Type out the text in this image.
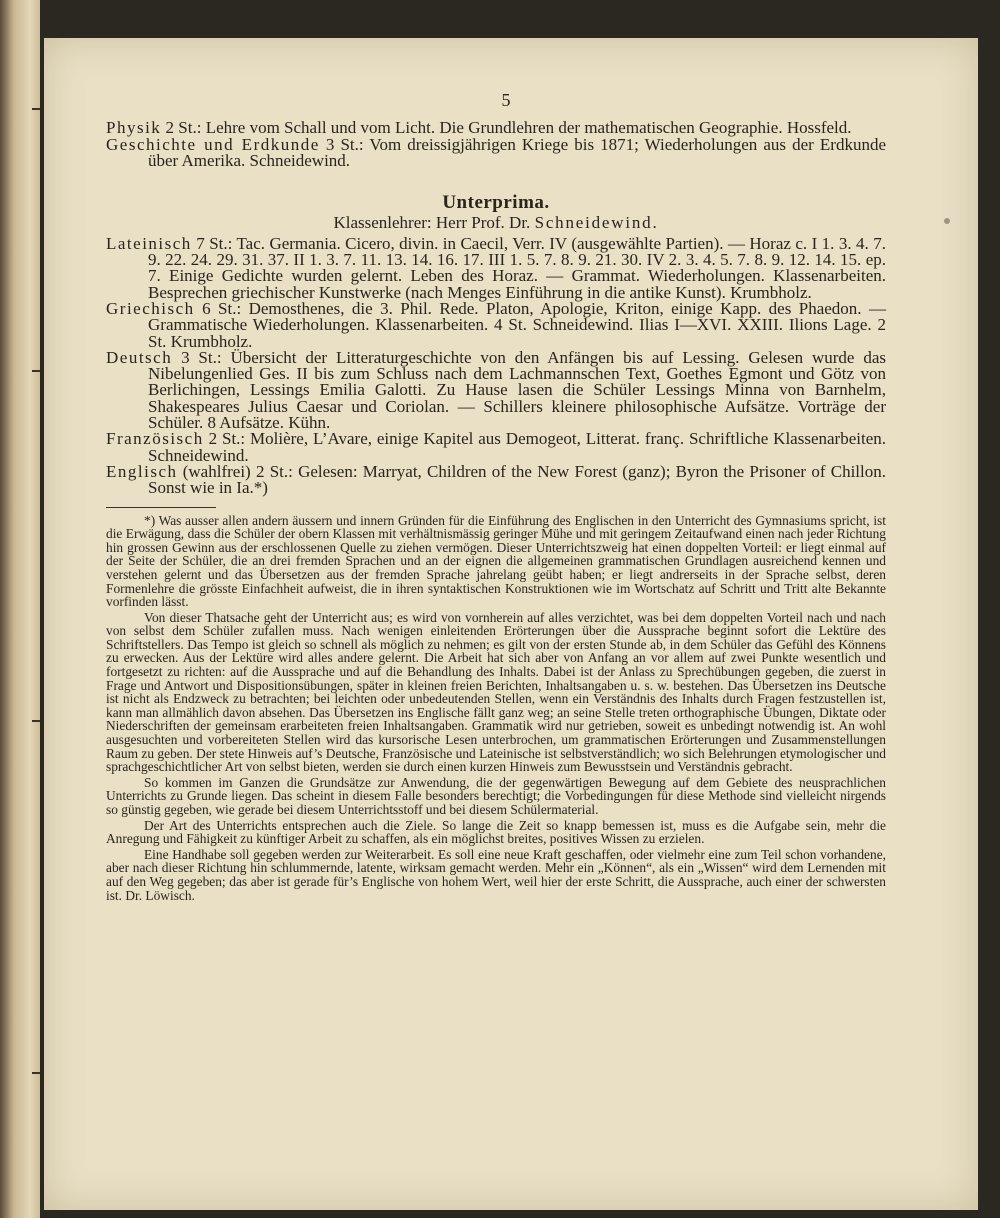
5

Physik 2 St.: Lehre vom Schall und vom Licht. Die Grundlehren der mathematischen Geographie. Hossfeld.

Geschichte und Erdkunde 3 St.: Vom dreissigjährigen Kriege bis 1871; Wiederholungen aus der Erdkunde über Amerika. Schneidewind.

Unterprima.
Klassenlehrer: Herr Prof. Dr. Schneidewind.

Lateinisch 7 St.: Tac. Germania. Cicero, divin. in Caecil, Verr. IV (ausgewählte Partien). — Horaz c. I 1. 3. 4. 7. 9. 22. 24. 29. 31. 37. II 1. 3. 7. 11. 13. 14. 16. 17. III 1. 5. 7. 8. 9. 21. 30. IV 2. 3. 4. 5. 7. 8. 9. 12. 14. 15. ep. 7. Einige Gedichte wurden gelernt. Leben des Horaz. — Grammat. Wiederholungen. Klassenarbeiten. Besprechen griechischer Kunstwerke (nach Menges Einführung in die antike Kunst). Krumbholz.

Griechisch 6 St.: Demosthenes, die 3. Phil. Rede. Platon, Apologie, Kriton, einige Kapp. des Phaedon. — Grammatische Wiederholungen. Klassenarbeiten. 4 St. Schneidewind. Ilias I—XVI. XXIII. Ilions Lage. 2 St. Krumbholz.

Deutsch 3 St.: Übersicht der Litteraturgeschichte von den Anfängen bis auf Lessing. Gelesen wurde das Nibelungenlied Ges. II bis zum Schluss nach dem Lachmannschen Text, Goethes Egmont und Götz von Berlichingen, Lessings Emilia Galotti. Zu Hause lasen die Schüler Lessings Minna von Barnhelm, Shakespeares Julius Caesar und Coriolan. — Schillers kleinere philosophische Aufsätze. Vorträge der Schüler. 8 Aufsätze. Kühn.

Französisch 2 St.: Molière, L’Avare, einige Kapitel aus Demogeot, Litterat. franç. Schriftliche Klassenarbeiten. Schneidewind.

Englisch (wahlfrei) 2 St.: Gelesen: Marryat, Children of the New Forest (ganz); Byron the Prisoner of Chillon. Sonst wie in Ia.*)

*) Was ausser allen andern äussern und innern Gründen für die Einführung des Englischen in den Unterricht des Gymnasiums spricht, ist die Erwägung, dass die Schüler der obern Klassen mit verhältnismässig geringer Mühe und mit geringem Zeitaufwand einen nach jeder Richtung hin grossen Gewinn aus der erschlossenen Quelle zu ziehen vermögen. Dieser Unterrichtszweig hat einen doppelten Vorteil: er liegt einmal auf der Seite der Schüler, die an drei fremden Sprachen und an der eignen die allgemeinen grammatischen Grundlagen ausreichend kennen und verstehen gelernt und das Übersetzen aus der fremden Sprache jahrelang geübt haben; er liegt andrerseits in der Sprache selbst, deren Formenlehre die grösste Einfachheit aufweist, die in ihren syntaktischen Konstruktionen wie im Wortschatz auf Schritt und Tritt alte Bekannte vorfinden lässt.

Von dieser Thatsache geht der Unterricht aus; es wird von vornherein auf alles verzichtet, was bei dem doppelten Vorteil nach und nach von selbst dem Schüler zufallen muss. Nach wenigen einleitenden Erörterungen über die Aussprache beginnt sofort die Lektüre des Schriftstellers. Das Tempo ist gleich so schnell als möglich zu nehmen; es gilt von der ersten Stunde ab, in dem Schüler das Gefühl des Könnens zu erwecken. Aus der Lektüre wird alles andere gelernt. Die Arbeit hat sich aber von Anfang an vor allem auf zwei Punkte wesentlich und fortgesetzt zu richten: auf die Aussprache und auf die Behandlung des Inhalts. Dabei ist der Anlass zu Sprechübungen gegeben, die zuerst in Frage und Antwort und Dispositionsübungen, später in kleinen freien Berichten, Inhaltsangaben u. s. w. bestehen. Das Übersetzen ins Deutsche ist nicht als Endzweck zu betrachten; bei leichten oder unbedeutenden Stellen, wenn ein Verständnis des Inhalts durch Fragen festzustellen ist, kann man allmählich davon absehen. Das Übersetzen ins Englische fällt ganz weg; an seine Stelle treten orthographische Übungen, Diktate oder Niederschriften der gemeinsam erarbeiteten freien Inhaltsangaben. Grammatik wird nur getrieben, soweit es unbedingt notwendig ist. An wohl ausgesuchten und vorbereiteten Stellen wird das kursorische Lesen unterbrochen, um grammatischen Erörterungen und Zusammenstellungen Raum zu geben. Der stete Hinweis auf’s Deutsche, Französische und Lateinische ist selbstverständlich; wo sich Belehrungen etymologischer und sprachgeschichtlicher Art von selbst bieten, werden sie durch einen kurzen Hinweis zum Bewusstsein und Verständnis gebracht.

So kommen im Ganzen die Grundsätze zur Anwendung, die der gegenwärtigen Bewegung auf dem Gebiete des neusprachlichen Unterrichts zu Grunde liegen. Das scheint in diesem Falle besonders berechtigt; die Vorbedingungen für diese Methode sind vielleicht nirgends so günstig gegeben, wie gerade bei diesem Unterrichtsstoff und bei diesem Schülermaterial.

Der Art des Unterrichts entsprechen auch die Ziele. So lange die Zeit so knapp bemessen ist, muss es die Aufgabe sein, mehr die Anregung und Fähigkeit zu künftiger Arbeit zu schaffen, als ein möglichst breites, positives Wissen zu erzielen.

Eine Handhabe soll gegeben werden zur Weiterarbeit. Es soll eine neue Kraft geschaffen, oder vielmehr eine zum Teil schon vorhandene, aber nach dieser Richtung hin schlummernde, latente, wirksam gemacht werden. Mehr ein „Können“, als ein „Wissen“ wird dem Lernenden mit auf den Weg gegeben; das aber ist gerade für’s Englische von hohem Wert, weil hier der erste Schritt, die Aussprache, auch einer der schwersten ist. Dr. Löwisch.
